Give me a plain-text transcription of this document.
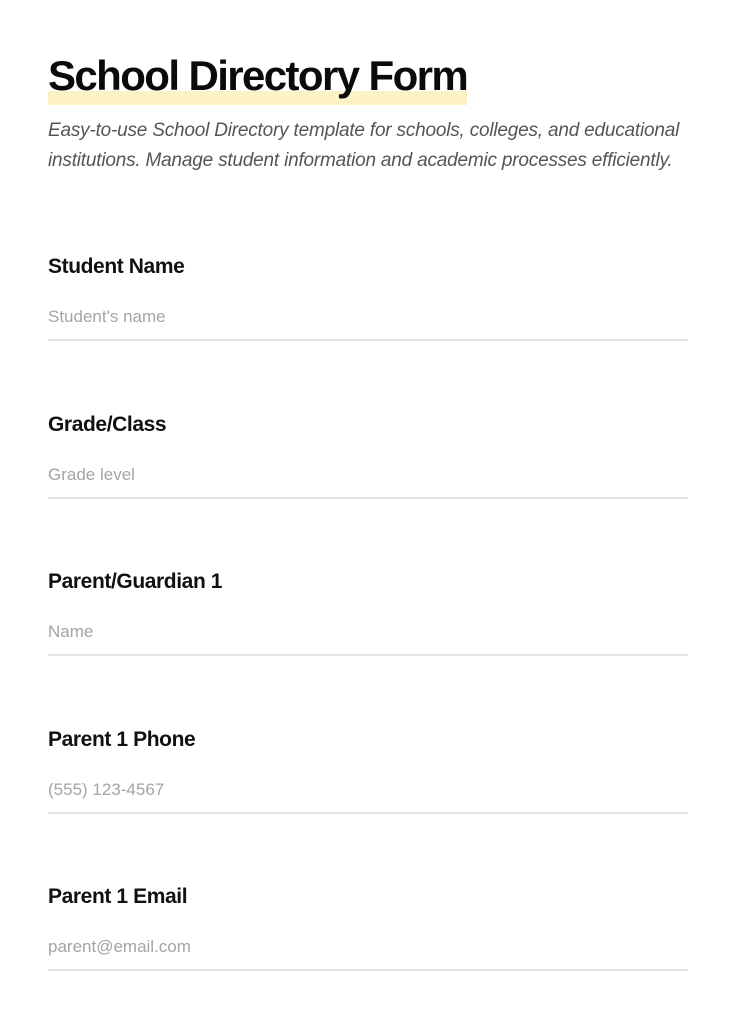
School Directory Form

Easy-to-use School Directory template for schools, colleges, and educational institutions. Manage student information and academic processes efficiently.

Student Name
Student's name
Grade/Class
Grade level
Parent/Guardian 1
Name
Parent 1 Phone
(555) 123-4567
Parent 1 Email
parent@email.com
